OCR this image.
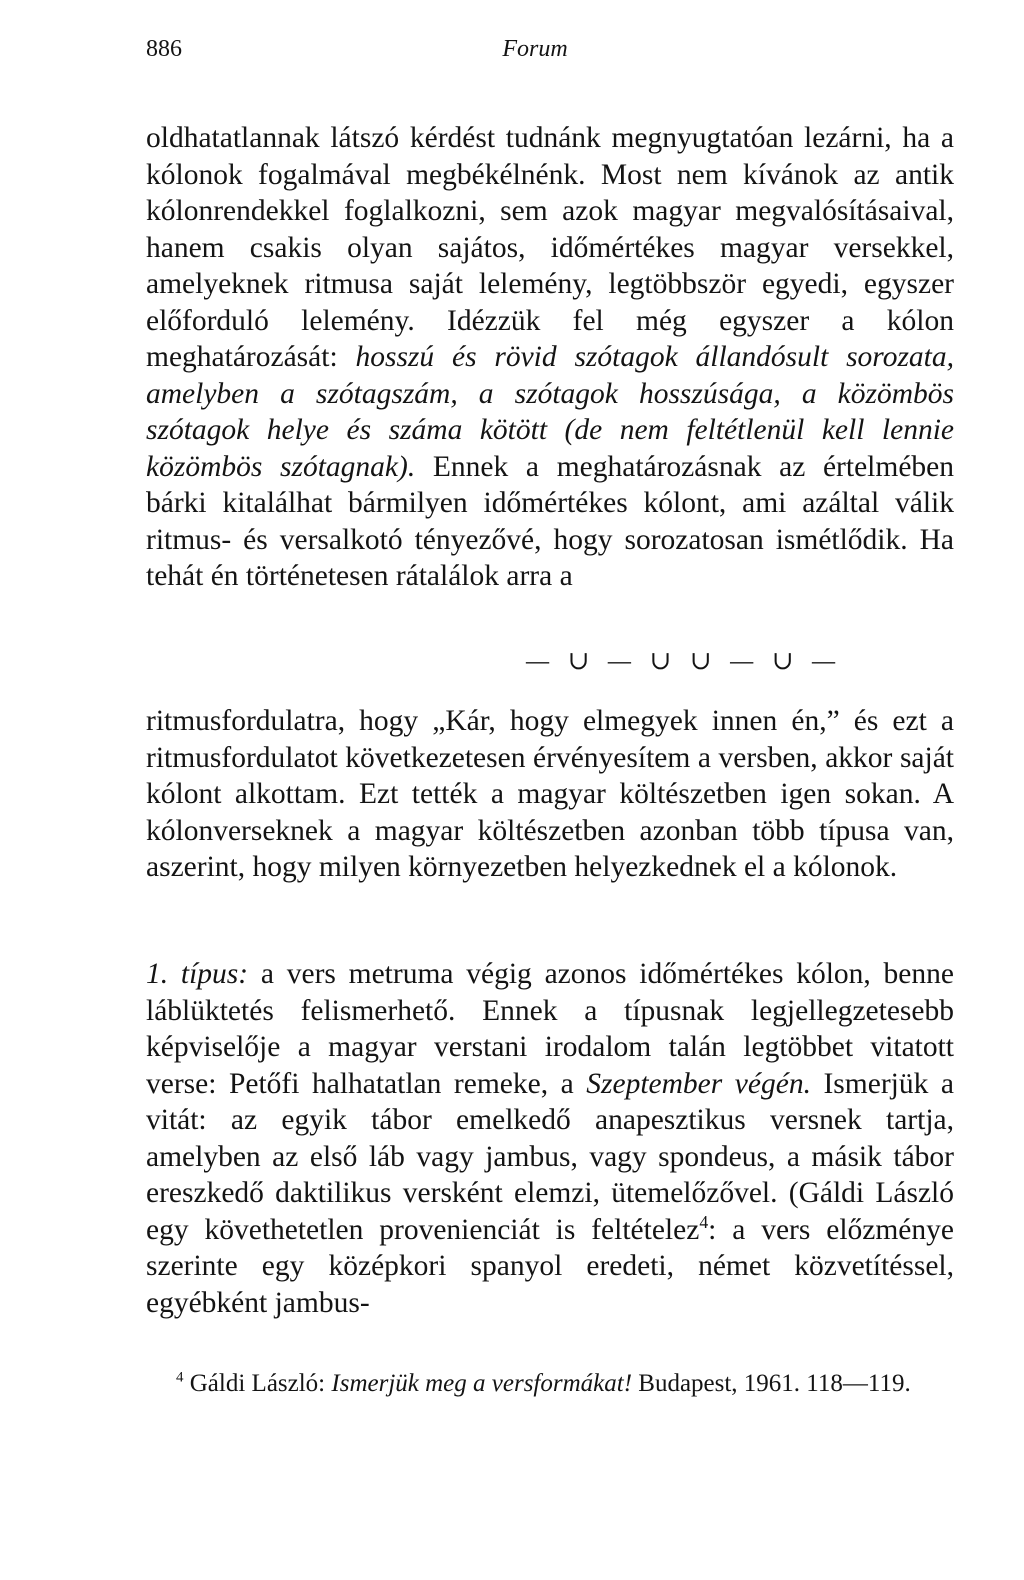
886	Forum

oldhatatlannak látszó kérdést tudnánk megnyugtatóan lezárni, ha a kólonok fogalmával megbékélnénk. Most nem kívánok az antik kólonrendekkel foglalkozni, sem azok magyar megvalósításaival, hanem csakis olyan sajátos, időmértékes magyar versekkel, amelyeknek ritmusa saját lelemény, legtöbbször egyedi, egyszer előforduló lelemény. Idézzük fel még egyszer a kólon meghatározását: hosszú és rövid szótagok állandósult sorozata, amelyben a szótagszám, a szótagok hosszúsága, a közömbös szótagok helye és száma kötött (de nem feltétlenül kell lennie közömbös szótagnak). Ennek a meghatározásnak az értelmében bárki kitalálhat bármilyen időmértékes kólont, ami azáltal válik ritmus- és versalkotó tényezővé, hogy sorozatosan ismétlődik. Ha tehát én történetesen rátalálok arra a

— ∪ — ∪ ∪ — ∪ —

ritmusfordulatra, hogy „Kár, hogy elmegyek innen én,” és ezt a ritmusfordulatot következetesen érvényesítem a versben, akkor saját kólont alkottam. Ezt tették a magyar költészetben igen sokan. A kólonverseknek a magyar költészetben azonban több típusa van, aszerint, hogy milyen környezetben helyezkednek el a kólonok.

1. típus: a vers metruma végig azonos időmértékes kólon, benne láblüktetés felismerhető. Ennek a típusnak legjellegzetesebb képviselője a magyar verstani irodalom talán legtöbbet vitatott verse: Petőfi halhatatlan remeke, a Szeptember végén. Ismerjük a vitát: az egyik tábor emelkedő anapesztikus versnek tartja, amelyben az első láb vagy jambus, vagy spondeus, a másik tábor ereszkedő daktilikus versként elemzi, ütemelőzővel. (Gáldi László egy követhetetlen provenienciát is feltételez$^4$: a vers előzménye szerinte egy középkori spanyol eredeti, német közvetítéssel, egyébként jambus-

$^4$ Gáldi László: Ismerjük meg a versformákat! Budapest, 1961. 118—119.
